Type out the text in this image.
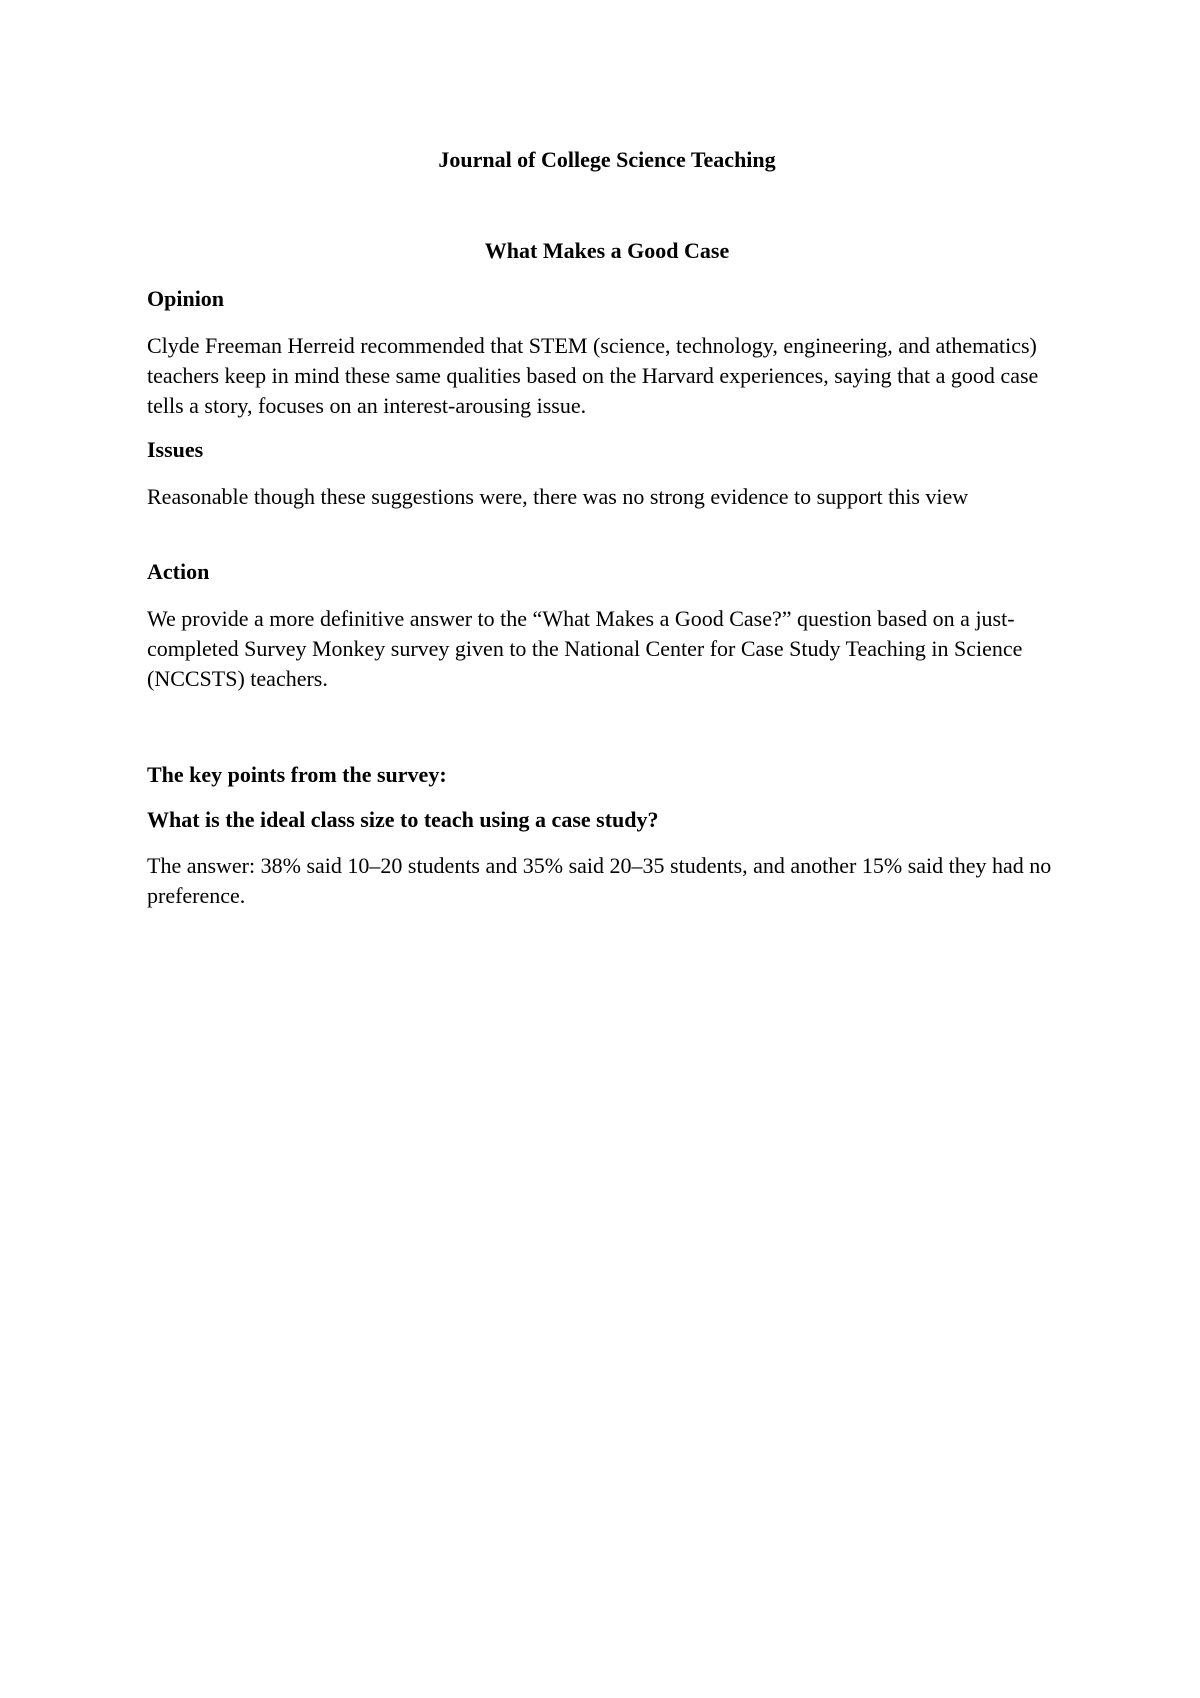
Journal of College Science Teaching

What Makes a Good Case

Opinion

Clyde Freeman Herreid recommended that STEM (science, technology, engineering, and athematics) teachers keep in mind these same qualities based on the Harvard experiences, saying that a good case tells a story, focuses on an interest-arousing issue.

Issues

Reasonable though these suggestions were, there was no strong evidence to support this view

Action

We provide a more definitive answer to the “What Makes a Good Case?” question based on a just-completed Survey Monkey survey given to the National Center for Case Study Teaching in Science (NCCSTS) teachers.

The key points from the survey:

What is the ideal class size to teach using a case study?

The answer: 38% said 10–20 students and 35% said 20–35 students, and another 15% said they had no preference.
